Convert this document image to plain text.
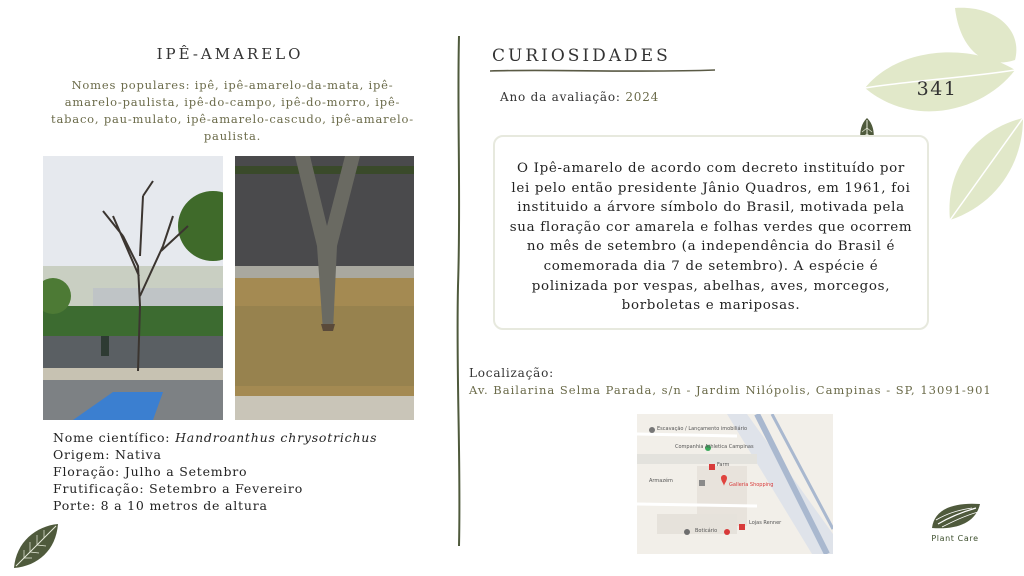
341
IPÊ-AMARELO
Nomes populares: ipê, ipê-amarelo-da-mata, ipê-amarelo-paulista, ipê-do-campo, ipê-do-morro, ipê-tabaco, pau-mulato, ipê-amarelo-cascudo, ipê-amarelo-paulista.
Nome científico: Handroanthus chrysotrichus
Origem: Nativa
Floração: Julho a Setembro
Frutificação: Setembro a Fevereiro
Porte: 8 a 10 metros de altura
CURIOSIDADES
Ano da avaliação: 2024
O Ipê-amarelo de acordo com decreto instituído por lei pelo então presidente Jânio Quadros, em 1961, foi instituido a árvore símbolo do Brasil, motivada pela sua floração cor amarela e folhas verdes que ocorrem no mês de setembro (a independência do Brasil é comemorada dia 7 de setembro). A espécie é polinizada por vespas, abelhas, aves, morcegos, borboletas e mariposas.
Localização:
Av. Bailarina Selma Parada, s/n - Jardim Nilópolis, Campinas - SP, 13091-901
Escavação / Lançamento imobiliário
Companhia Athletica Campinas
Farm
Galleria Shopping
Armazém
Boticário
Lojas Renner
Plant Care
